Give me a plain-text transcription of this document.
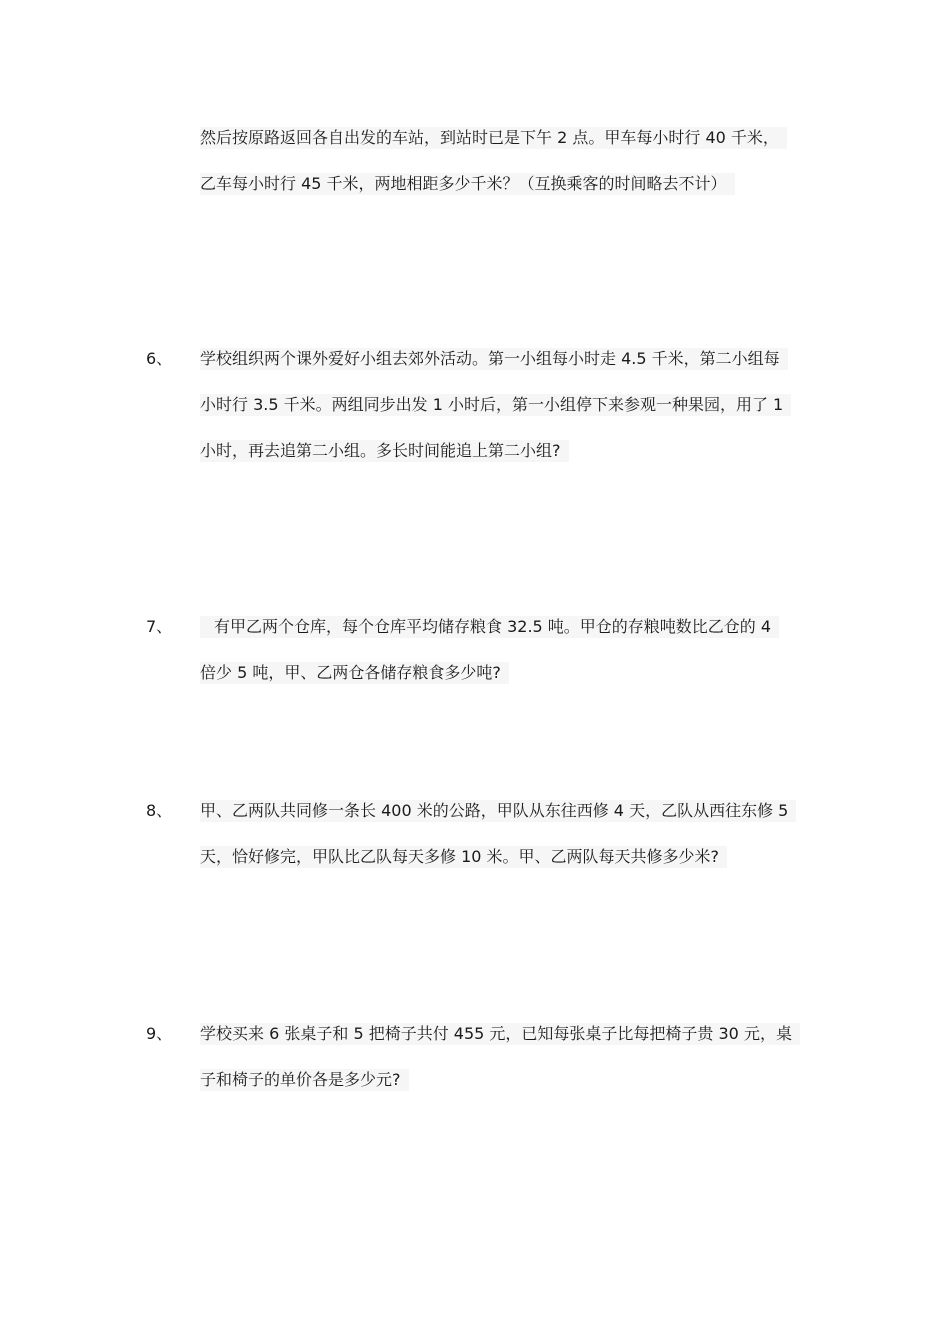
然后按原路返回各自出发的车站，到站时已是下午 2 点。甲车每小时行 40 千米，
乙车每小时行 45 千米，两地相距多少千米？（互换乘客的时间略去不计）
6、 学校组织两个课外爱好小组去郊外活动。第一小组每小时走 4.5 千米，第二小组每
小时行 3.5 千米。两组同步出发 1 小时后，第一小组停下来参观一种果园，用了 1
小时，再去追第二小组。多长时间能追上第二小组?
7、	有甲乙两个仓库，每个仓库平均储存粮食 32.5 吨。甲仓的存粮吨数比乙仓的 4
倍少 5 吨，甲、乙两仓各储存粮食多少吨?
8、 甲、乙两队共同修一条长 400 米的公路，甲队从东往西修 4 天，乙队从西往东修 5
天，恰好修完，甲队比乙队每天多修 10 米。甲、乙两队每天共修多少米?
9、 学校买来 6 张桌子和 5 把椅子共付 455 元，已知每张桌子比每把椅子贵 30 元，桌
子和椅子的单价各是多少元?
